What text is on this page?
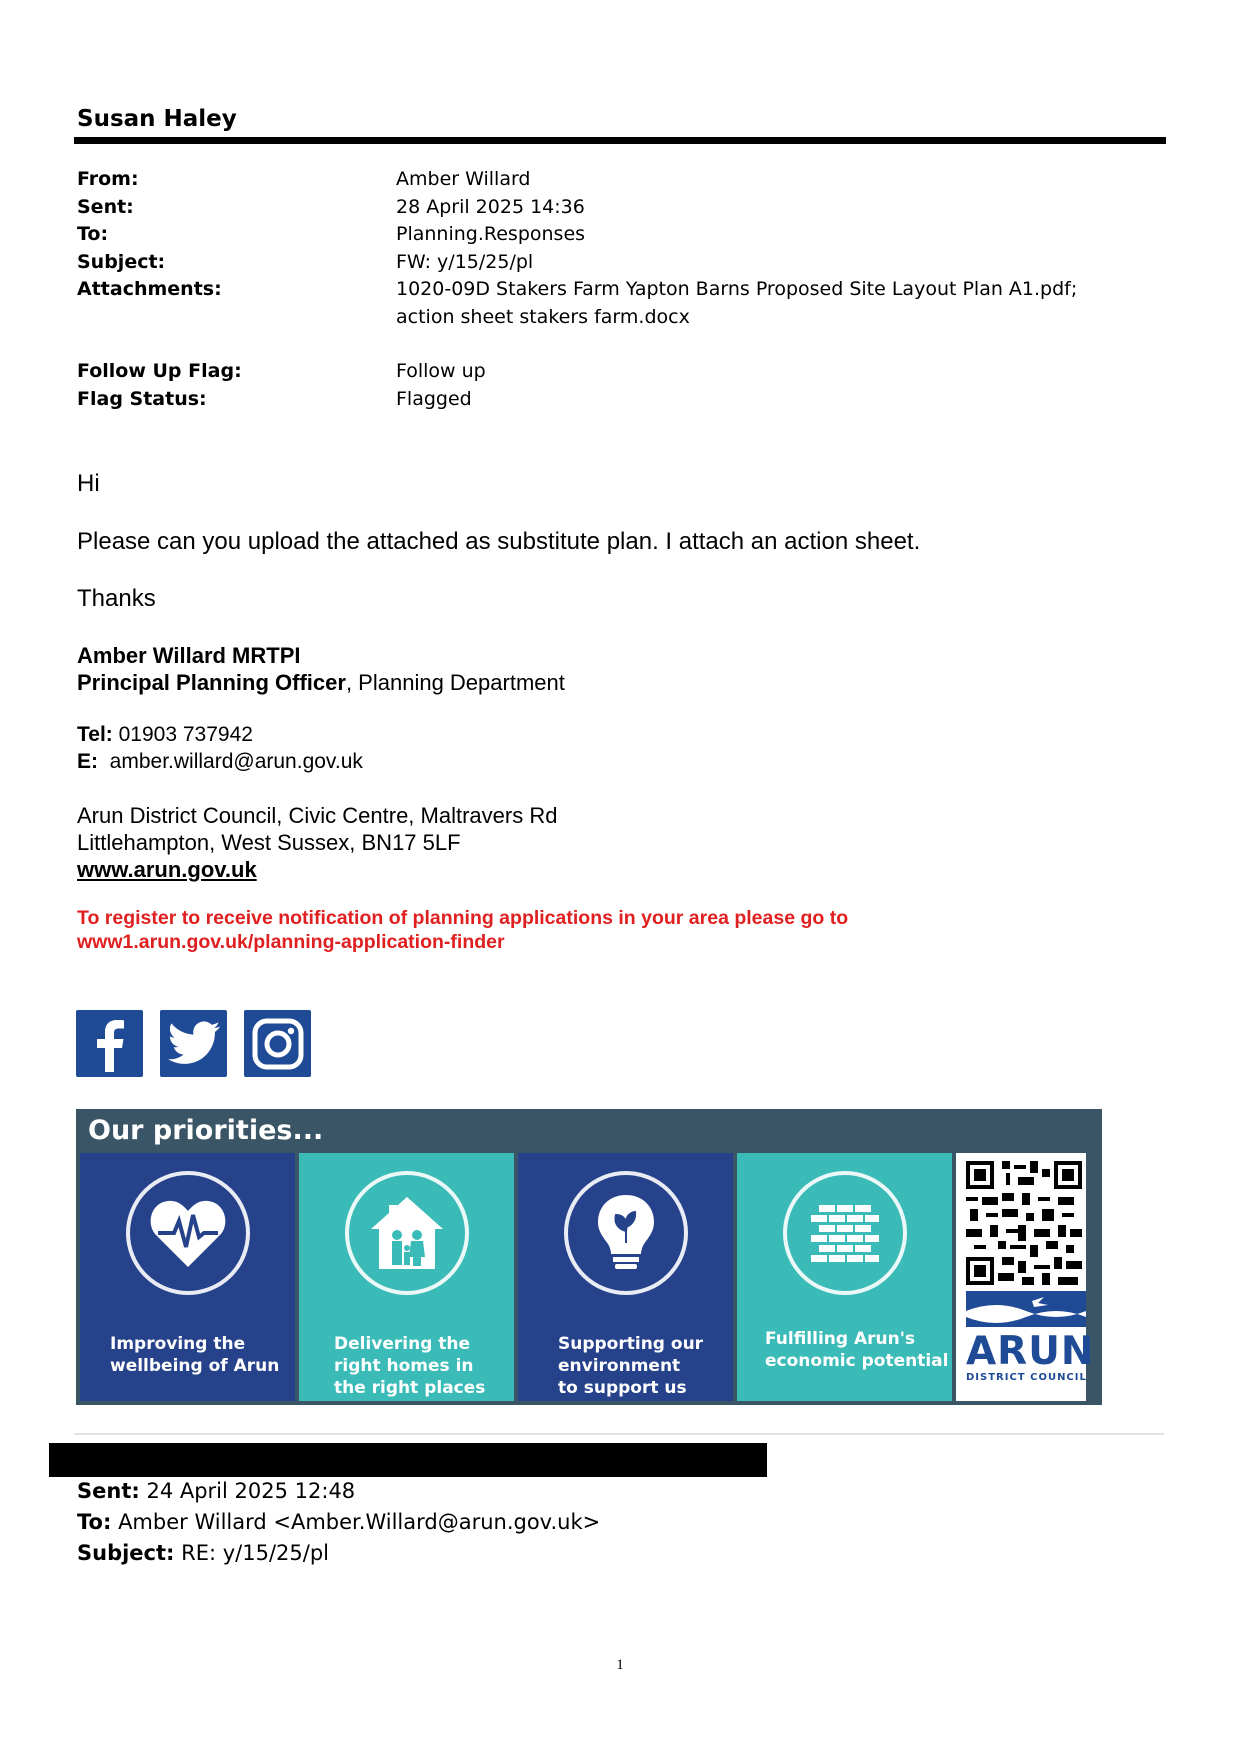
Susan Haley
From:	Amber Willard
Sent:	28 April 2025 14:36
To:	Planning.Responses
Subject:	FW: y/15/25/pl
Attachments:	1020-09D Stakers Farm Yapton Barns Proposed Site Layout Plan A1.pdf; action sheet stakers farm.docx
Follow Up Flag:	Follow up
Flag Status:	Flagged
Hi
Please can you upload the attached as substitute plan. I attach an action sheet.
Thanks
Amber Willard MRTPI
Principal Planning Officer, Planning Department
Tel: 01903 737942
E: amber.willard@arun.gov.uk
Arun District Council, Civic Centre, Maltravers Rd
Littlehampton, West Sussex, BN17 5LF
www.arun.gov.uk
To register to receive notification of planning applications in your area please go to
www1.arun.gov.uk/planning-application-finder
Our priorities...
Improving the
wellbeing of Arun
Delivering the
right homes in
the right places
Supporting our
environment
to support us
Fulfilling Arun's
economic potential ARUN
DISTRICT COUNCIL
Sent: 24 April 2025 12:48
To: Amber Willard <Amber.Willard@arun.gov.uk>
Subject: RE: y/15/25/pl
1
